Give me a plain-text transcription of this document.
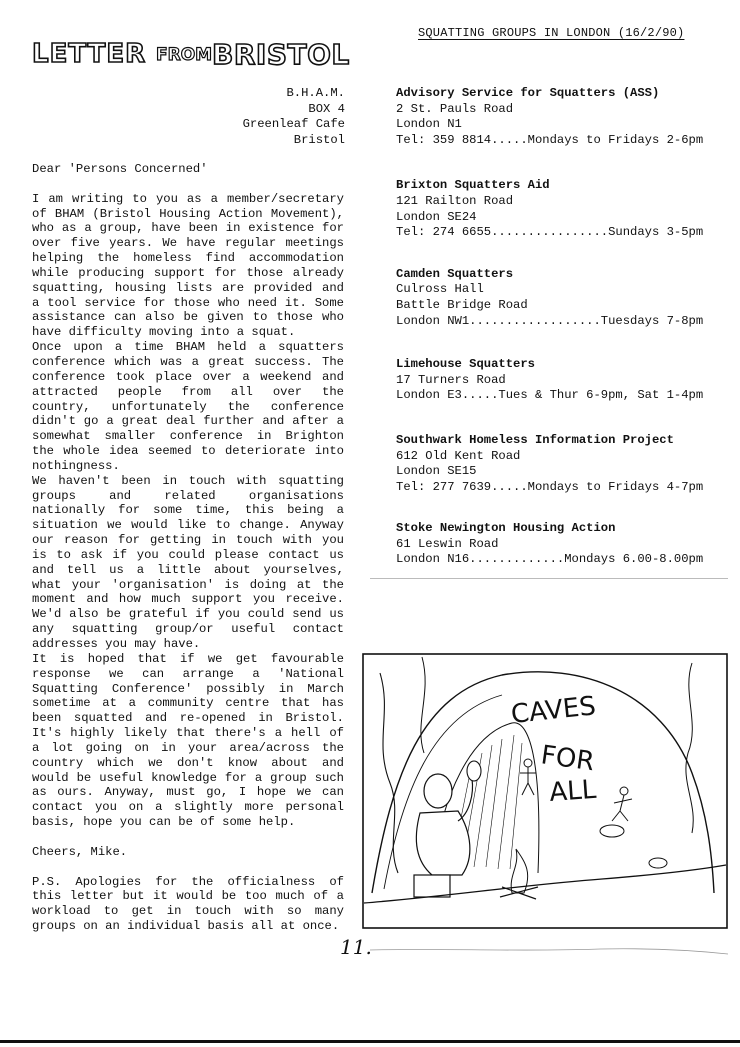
LETTER FROM BRISTOL
SQUATTING GROUPS IN LONDON (16/2/90)
B.H.A.M.
BOX 4
Greenleaf Cafe
Bristol

Dear 'Persons Concerned'

I am writing to you as a member/secretary of BHAM (Bristol Housing Action Movement), who as a group, have been in existence for over five years. We have regular meetings helping the homeless find accommodation while producing support for those already squatting, housing lists are provided and a tool service for those who need it. Some assistance can also be given to those who have difficulty moving into a squat.

Once upon a time BHAM held a squatters conference which was a great success. The conference took place over a weekend and attracted people from all over the country, unfortunately the conference didn't go a great deal further and after a somewhat smaller conference in Brighton the whole idea seemed to deteriorate into nothingness.

We haven't been in touch with squatting groups and related organisations nationally for some time, this being a situation we would like to change. Anyway our reason for getting in touch with you is to ask if you could please contact us and tell us a little about yourselves, what your 'organisation' is doing at the moment and how much support you receive. We'd also be grateful if you could send us any squatting group/or useful contact addresses you may have.

It is hoped that if we get favourable response we can arrange a 'National Squatting Conference' possibly in March sometime at a community centre that has been squatted and re-opened in Bristol. It's highly likely that there's a hell of a lot going on in your area/across the country which we don't know about and would be useful knowledge for a group such as ours. Anyway, must go, I hope we can contact you on a slightly more personal basis, hope you can be of some help.

Cheers, Mike.

P.S. Apologies for the officialness of this letter but it would be too much of a workload to get in touch with so many groups on an individual basis all at once.

Advisory Service for Squatters (ASS)
2 St. Pauls Road
London N1
Tel: 359 8814.....Mondays to Fridays 2-6pm
Brixton Squatters Aid
121 Railton Road
London SE24
Tel: 274 6655................Sundays 3-5pm
Camden Squatters
Culross Hall
Battle Bridge Road
London NW1..................Tuesdays 7-8pm
Limehouse Squatters
17 Turners Road
London E3.....Tues & Thur 6-9pm, Sat 1-4pm
Southwark Homeless Information Project
612 Old Kent Road
London SE15
Tel: 277 7639.....Mondays to Fridays 4-7pm
Stoke Newington Housing Action
61 Leswin Road
London N16.............Mondays 6.00-8.00pm
CAVES
FOR
ALL
11.
